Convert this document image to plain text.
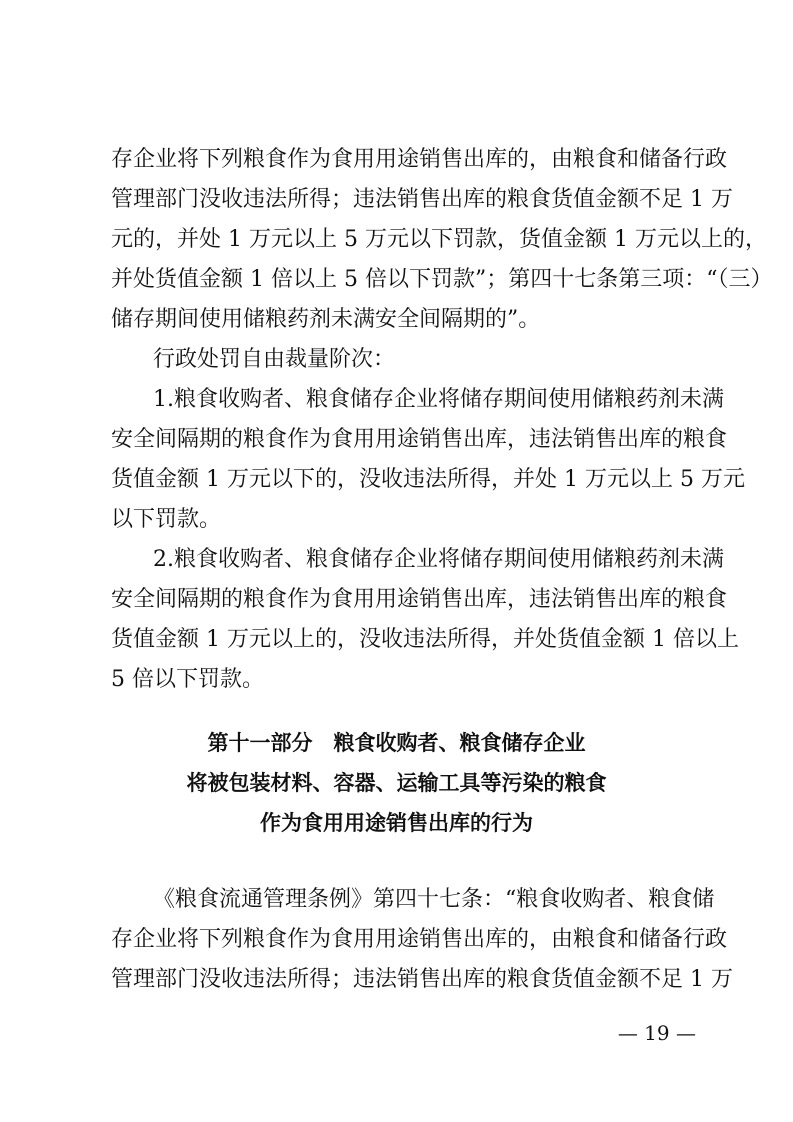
存企业将下列粮食作为食用用途销售出库的，由粮食和储备行政
管理部门没收违法所得；违法销售出库的粮食货值金额不足 1 万
元的，并处 1 万元以上 5 万元以下罚款，货值金额 1 万元以上的，
并处货值金额 1 倍以上 5 倍以下罚款”；第四十七条第三项：“（三）
储存期间使用储粮药剂未满安全间隔期的”。
行政处罚自由裁量阶次：
1.粮食收购者、粮食储存企业将储存期间使用储粮药剂未满
安全间隔期的粮食作为食用用途销售出库，违法销售出库的粮食
货值金额 1 万元以下的，没收违法所得，并处 1 万元以上 5 万元
以下罚款。
2.粮食收购者、粮食储存企业将储存期间使用储粮药剂未满
安全间隔期的粮食作为食用用途销售出库，违法销售出库的粮食
货值金额 1 万元以上的，没收违法所得，并处货值金额 1 倍以上
5 倍以下罚款。
第十一部分　粮食收购者、粮食储存企业
将被包装材料、容器、运输工具等污染的粮食
作为食用用途销售出库的行为
《粮食流通管理条例》第四十七条：“粮食收购者、粮食储
存企业将下列粮食作为食用用途销售出库的，由粮食和储备行政
管理部门没收违法所得；违法销售出库的粮食货值金额不足 1 万
— 19 —
